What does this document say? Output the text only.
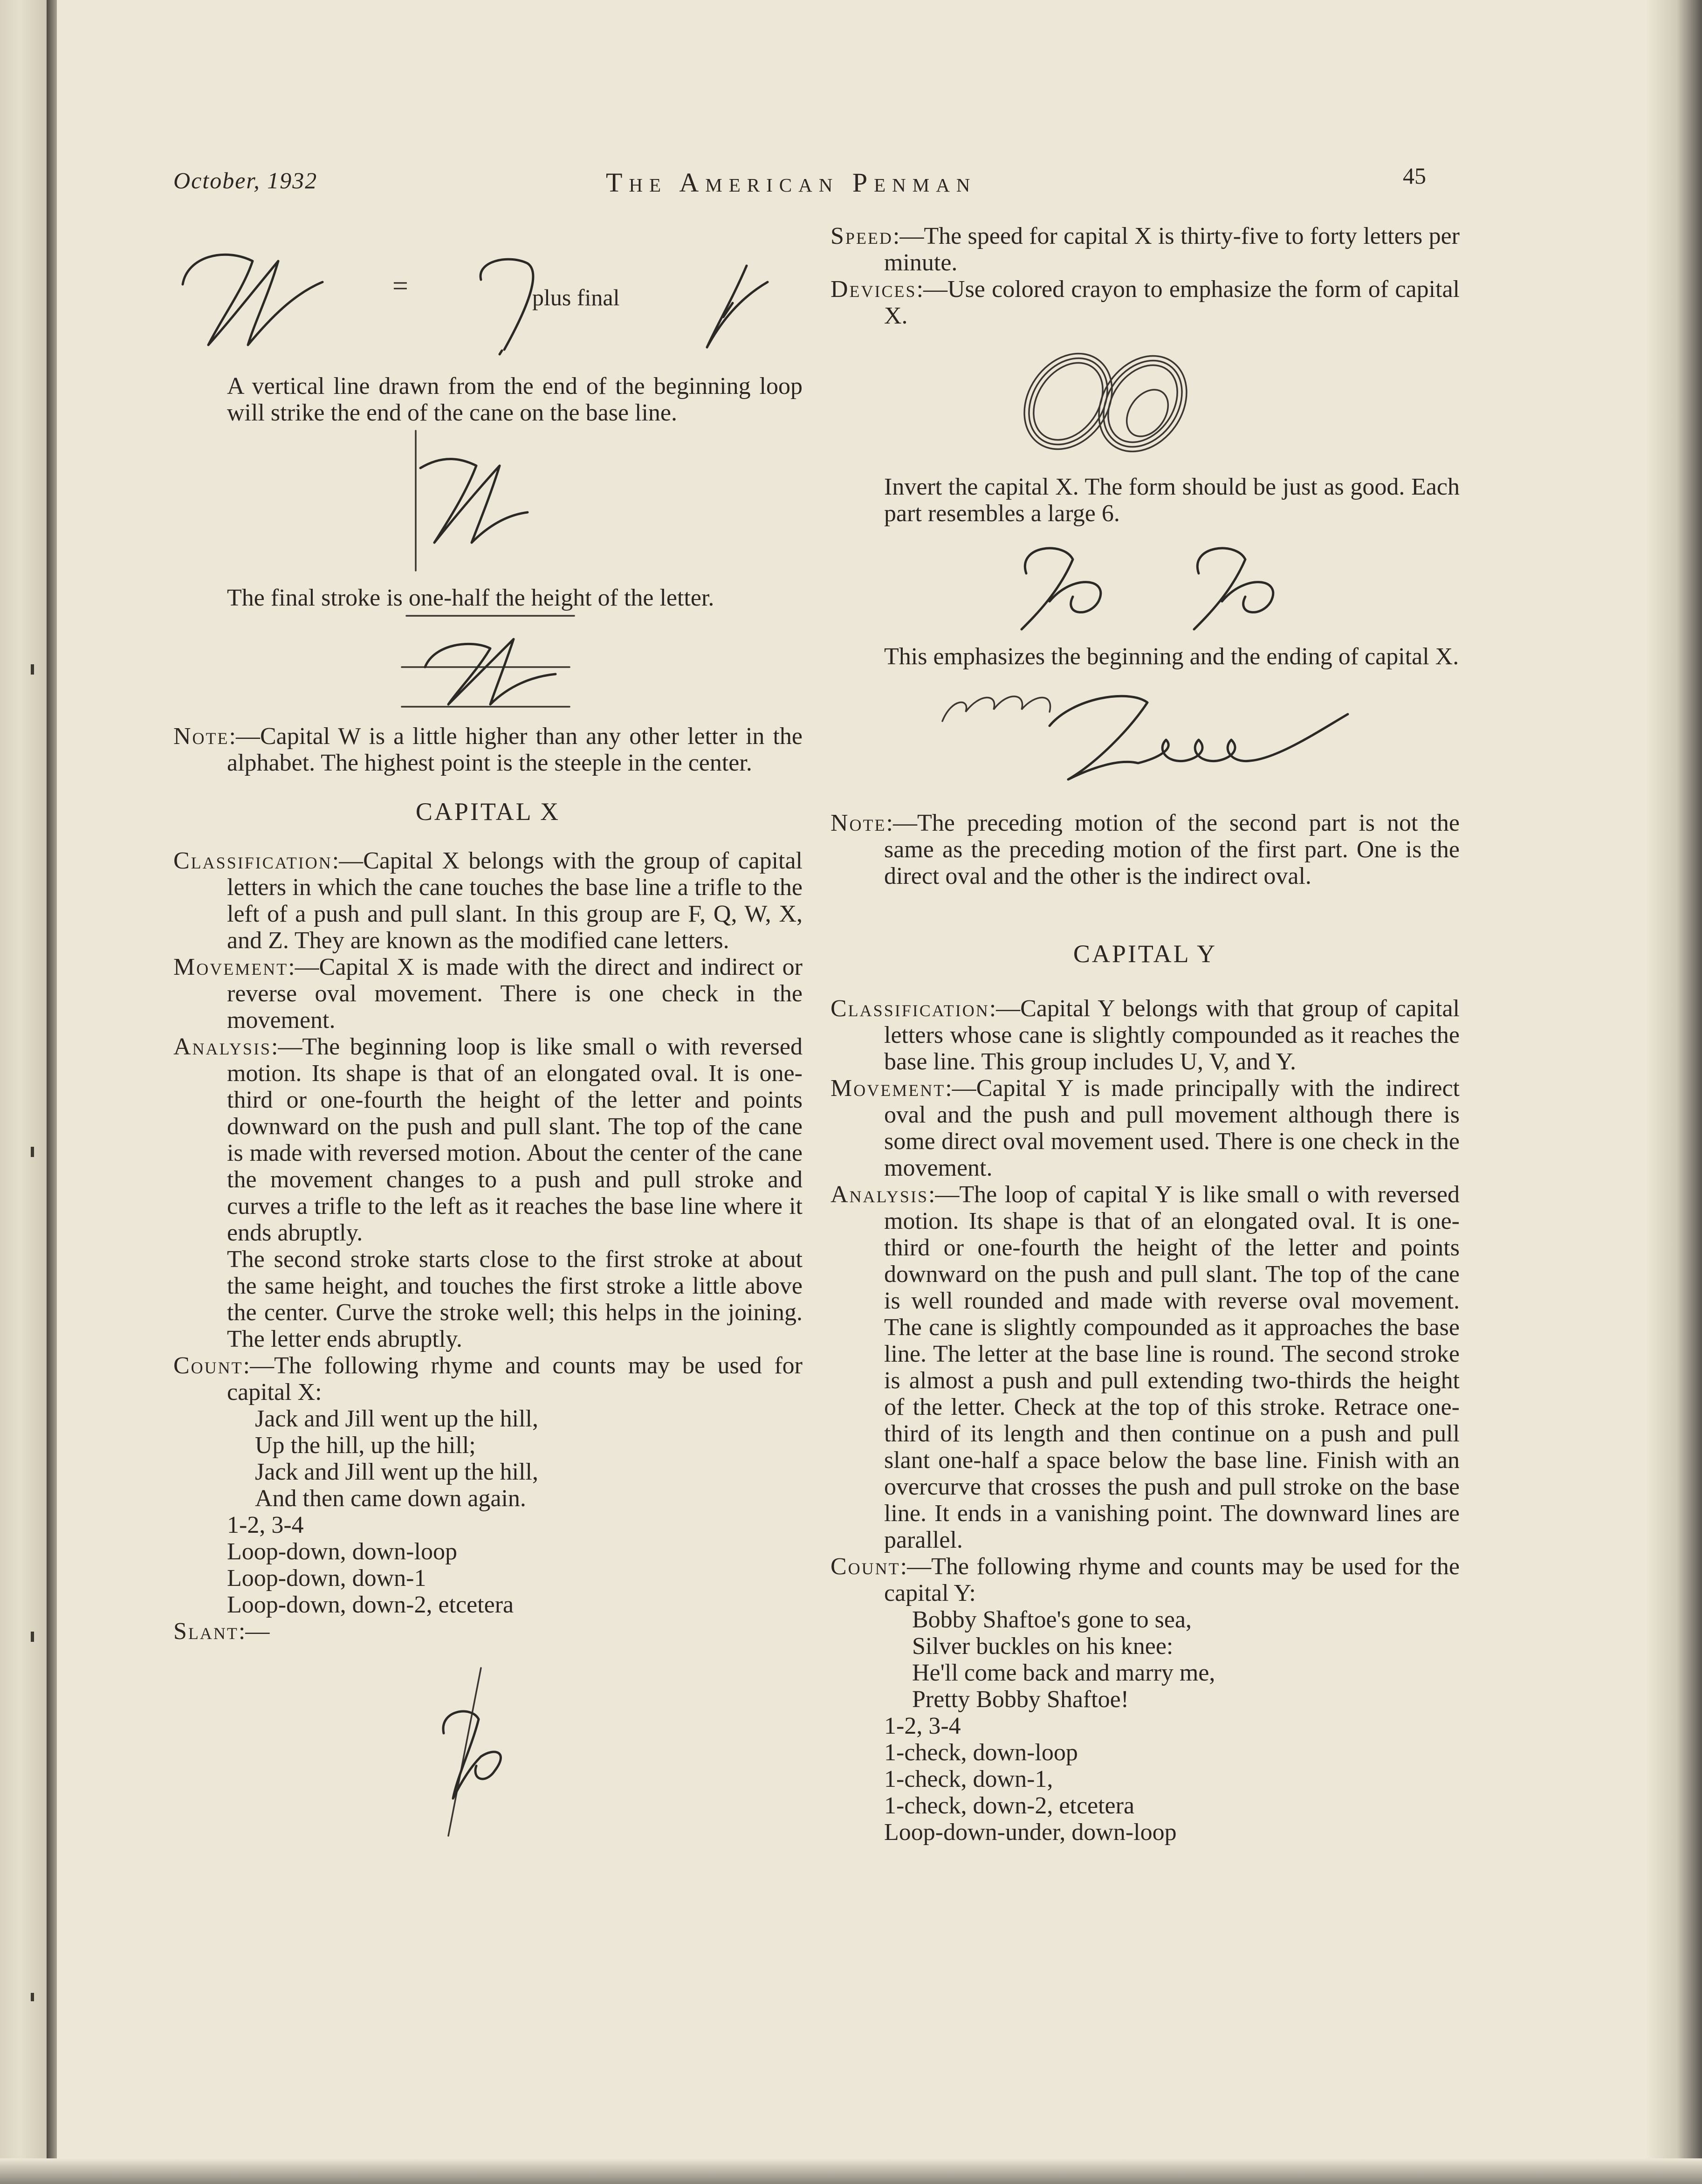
October, 1932	The American Penman	45
=	plus final

A vertical line drawn from the end of the beginning loop will strike the end of the cane on the base line.

The final stroke is one-half the height of the letter.

Note:—Capital W is a little higher than any other letter in the alphabet. The highest point is the steeple in the center.

CAPITAL X

Classification:—Capital X belongs with the group of capital letters in which the cane touches the base line a trifle to the left of a push and pull slant. In this group are F, Q, W, X, and Z. They are known as the modified cane letters.

Movement:—Capital X is made with the direct and indirect or reverse oval movement. There is one check in the movement.

Analysis:—The beginning loop is like small o with reversed motion. Its shape is that of an elongated oval. It is one-third or one-fourth the height of the letter and points downward on the push and pull slant. The top of the cane is made with reversed motion. About the center of the cane the movement changes to a push and pull stroke and curves a trifle to the left as it reaches the base line where it ends abruptly.

The second stroke starts close to the first stroke at about the same height, and touches the first stroke a little above the center. Curve the stroke well; this helps in the joining. The letter ends abruptly.

Count:—The following rhyme and counts may be used for capital X:

Jack and Jill went up the hill,

Up the hill, up the hill;

Jack and Jill went up the hill,

And then came down again.

1-2, 3-4

Loop-down, down-loop

Loop-down, down-1

Loop-down, down-2, etcetera

Slant:—

Speed:—The speed for capital X is thirty-five to forty letters per minute.

Devices:—Use colored crayon to emphasize the form of capital X.

Invert the capital X. The form should be just as good. Each part resembles a large 6.

This emphasizes the beginning and the ending of capital X.

Note:—The preceding motion of the second part is not the same as the preceding motion of the first part. One is the direct oval and the other is the indirect oval.

CAPITAL Y

Classification:—Capital Y belongs with that group of capital letters whose cane is slightly compounded as it reaches the base line. This group includes U, V, and Y.

Movement:—Capital Y is made principally with the indirect oval and the push and pull movement although there is some direct oval movement used. There is one check in the movement.

Analysis:—The loop of capital Y is like small o with reversed motion. Its shape is that of an elongated oval. It is one-third or one-fourth the height of the letter and points downward on the push and pull slant. The top of the cane is well rounded and made with reverse oval movement. The cane is slightly compounded as it approaches the base line. The letter at the base line is round. The second stroke is almost a push and pull extending two-thirds the height of the letter. Check at the top of this stroke. Retrace one-third of its length and then continue on a push and pull slant one-half a space below the base line. Finish with an overcurve that crosses the push and pull stroke on the base line. It ends in a vanishing point. The downward lines are parallel.

Count:—The following rhyme and counts may be used for the capital Y:

Bobby Shaftoe's gone to sea,

Silver buckles on his knee:

He'll come back and marry me,

Pretty Bobby Shaftoe!

1-2, 3-4

1-check, down-loop

1-check, down-1,

1-check, down-2, etcetera

Loop-down-under, down-loop
